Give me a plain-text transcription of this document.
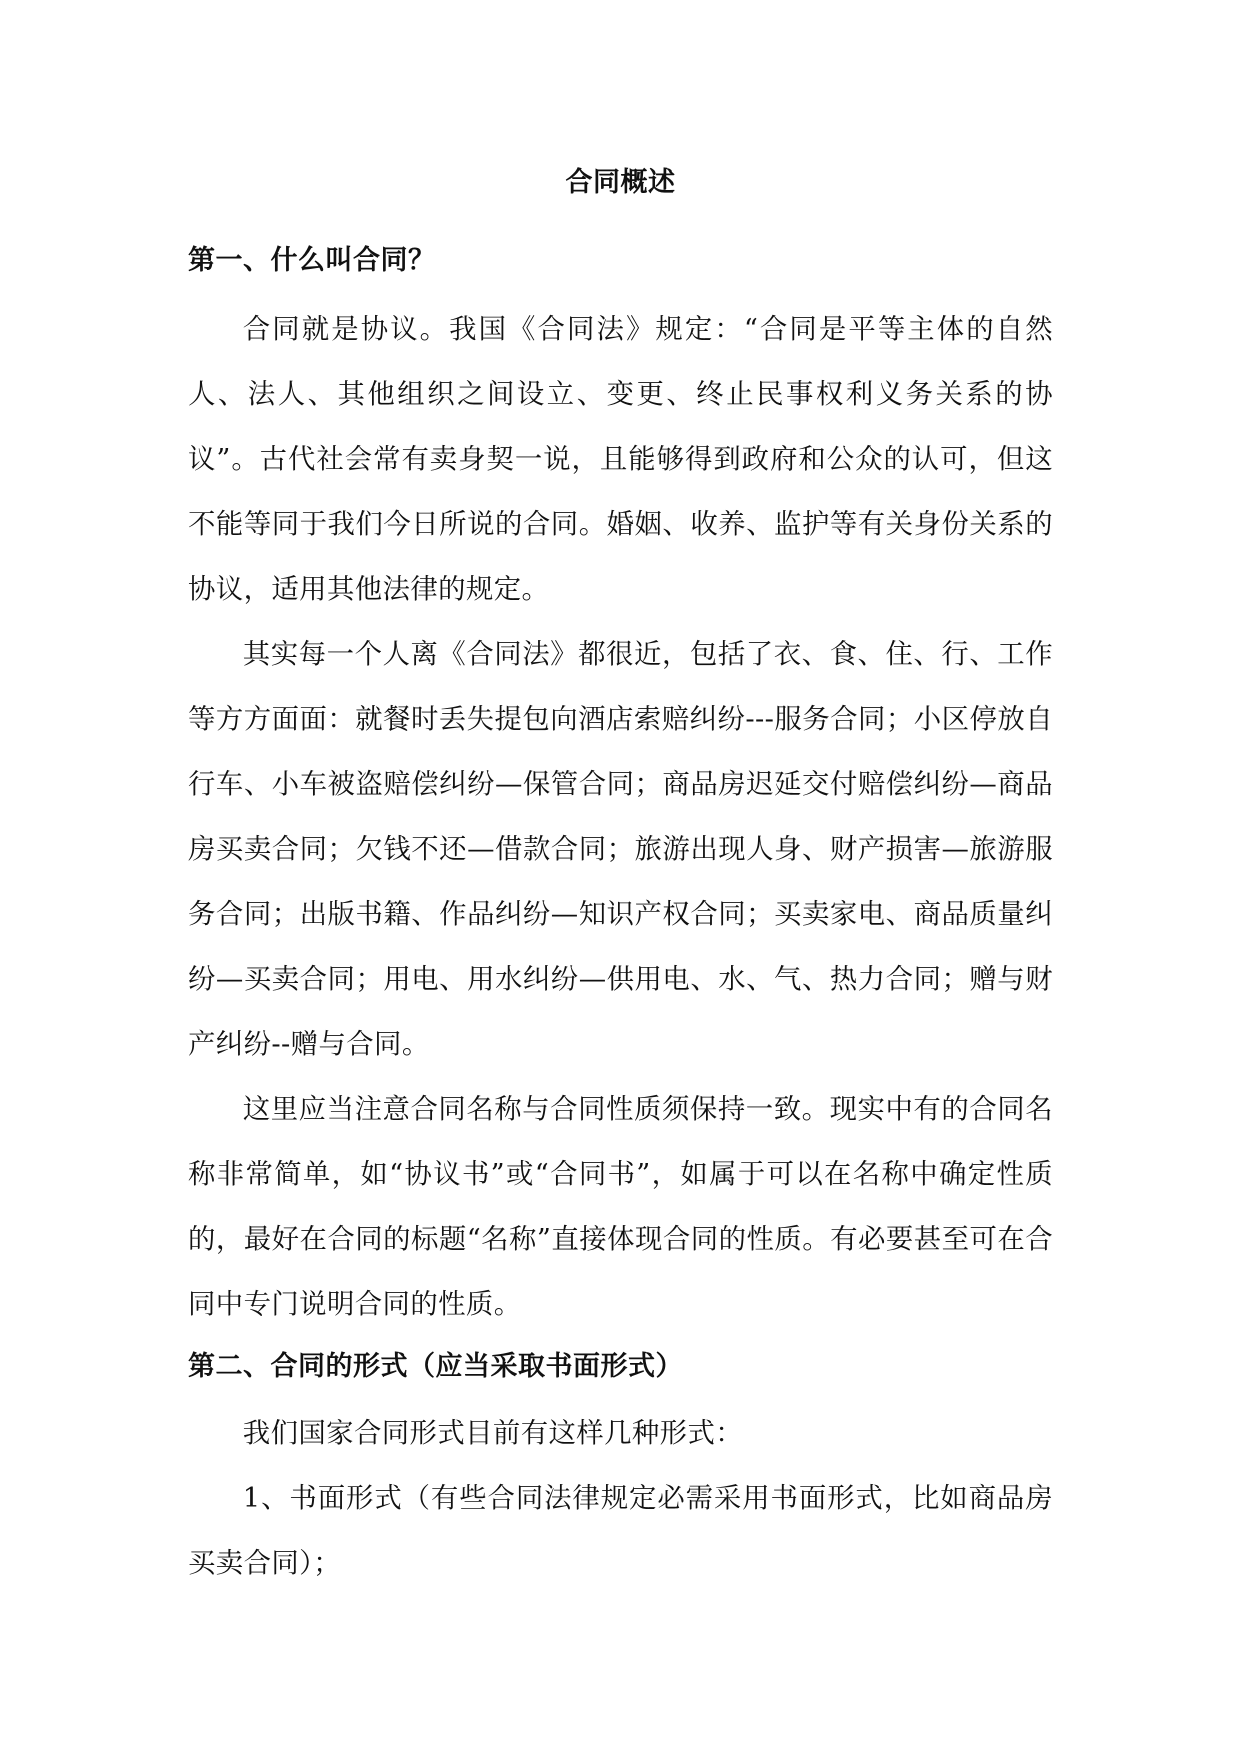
合同概述
第一、什么叫合同？

合同就是协议。我国《合同法》规定：“合同是平等主体的自然人、法人、其他组织之间设立、变更、终止民事权利义务关系的协议”。古代社会常有卖身契一说，且能够得到政府和公众的认可，但这不能等同于我们今日所说的合同。婚姻、收养、监护等有关身份关系的协议，适用其他法律的规定。

其实每一个人离《合同法》都很近，包括了衣、食、住、行、工作等方方面面：就餐时丢失提包向酒店索赔纠纷---服务合同；小区停放自行车、小车被盗赔偿纠纷—保管合同；商品房迟延交付赔偿纠纷—商品房买卖合同；欠钱不还—借款合同；旅游出现人身、财产损害—旅游服务合同；出版书籍、作品纠纷—知识产权合同；买卖家电、商品质量纠纷—买卖合同；用电、用水纠纷—供用电、水、气、热力合同；赠与财产纠纷--赠与合同。

这里应当注意合同名称与合同性质须保持一致。现实中有的合同名称非常简单，如“协议书”或“合同书”，如属于可以在名称中确定性质的，最好在合同的标题“名称”直接体现合同的性质。有必要甚至可在合同中专门说明合同的性质。

第二、合同的形式（应当采取书面形式）

我们国家合同形式目前有这样几种形式：

1、书面形式（有些合同法律规定必需采用书面形式，比如商品房买卖合同）；
